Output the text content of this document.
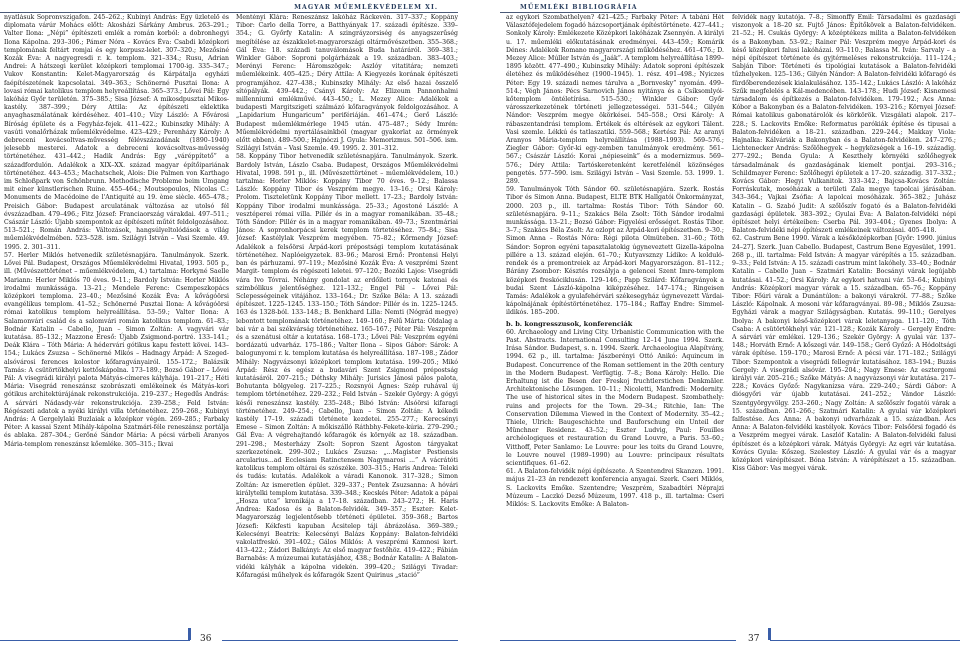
MAGYAR MŰEMLÉKVÉDELEM XI.

nyatlásuk Sopronvszigafon. 245–262.; Kubinyi András: Egy üzletelő és diplomata várúr Mohács előtt: Akosházi Sárkány Ambrus. 263–291.; Valter Ilona: „Népi” építészeti emlék a román korból: a dobronhegyi Ilona Kápolna. 293–306.; Pámer Nóra – Kovács Éva: Csabdi középkori templomának feltárt romjai és egy korpusz-lelet. 307–320.; Mezősiné Kozák Éva: A nagyegresdi r. k. templom. 321–334.; Rusu, Adrian Andrei: A hátszegi kerület középkori templomai 1700-ig. 335–347.; Vukov Konstantin: Kelet-Magyarország és Kárpátalja egyházi faépítészetének kapcsolatai. 349–363.; Schönerné Pusztai Ilona: A lovasi római katolikus templom helyreállítása. 365–373.; Lővei Pál: Egy lakóház Győr területén. 375–385.; Sisa József: A mikosdpusztai Mikos-kastély. 387–399.; Déry Attila: Az építészeti eklektika anyaghasználatának kérdéséhez. 401–410.; Vízy László: A Fővárosi Bíróság épülete és a Fegyház-fejek. 411–422.; Kubinszky Mihály: A vasúti vonalőrházak műemlékvédelme. 423–429.; Perenházy Károly: A debreceni kovácsoltvas-művesség félévszázadának (1890–1940) jelesebb mesterei. Adatok a debreceni kovácsoltvas-művesség történetéhez. 431–442.; Hadik András: Egy „váréppítető” a századfordulón. Adalékok a XIX–XX. század magyar építőipariának történetéhez. 443–453.; Machatschek, Alois: Die Palmen von Karthago im Schloßpark von Schönbrunn. Methodische Probleme beim Umgang mit einer künstlerischen Ruine. 455–464.; Moutsopoulos, Nicolas C.: Monuments de Macédoine de l'Antiquité au 19. ème siècle. 465–478.; Preisich Gábor: Budapest arculatának változása az utolsó fél évszázadban. 479–496.; Fitz József: Franciaország várakdai. 497–511.; Császár László: Újabb szempontok az építészeti műtét feldolgozásához. 513–521.; Román András: Változások, hangsúlyeltolódások a világ műemlékvédelmében. 523–528. ism. Szilágyi István – Vasi Szemle. 49. 1995. 2. 301–311.

57. Herler Miklós hetvenedik születésnapjára. Tanulmányok. Szerk. Lővei Pál. Budapest, Országos Műemlékvédelmi Hivatal, 1993. 505 p., ill. (Művészettörténet – műemlékvédelem, 4.) tartalma: Horkyné Saelle Mariann: Herler Miklós 70 éves. 9–11.; Bardoly István: Horler Miklós irodalmi munkássága. 13–21.; Mendele Ferenc: Csempeszkopács középkori temploma. 23–40.; Mezősiné Kozák Éva: A kővágóörsi evangélikus templom. 41–52.; Schönerné Pusztai Ilona: A kővágóörsi római katolikus templom helyreállítása. 53–59.; Valter Ilona: A Salamonvári család és a salomvári román katolikus templom. 61–83.; Bodnár Katalin – Cabello, Juan – Simon Zoltán: A vagyvári vár kutatása. 85–132.; Mazzone Ereső: Újabb Zsigmond-portré. 133–141.; Deák Klára – Tóth Mária: A hédervári gótikus kapu festett kövei. 143–154.; Lukács Zsuzsa – Schönerné Mikós – Hadnagy Árpád: A Szeged-alsóvárosi ferences kolostor kőfaragványairól. 155–172.; Balázsik Tamás: A csütörtökhelyi kettőskápolna. 173–189.; Bozsó Gábor – Lővei Pál: A visegrádi királyi palota Mátyás-címeres kályhája. 191–217.; Héti Mária: Visegrád reneszánsz szobrászati emlékeinek és Mátyás-kori gótikus architektúrájának rekonstrukciója. 219–237.; Hegedűs András: A sárvári Nádasdy-vár rekonstrukciója. 239–258.; Feld István: Régészeti adatok a nyéki királyi villa történetéhez. 259–268.; Kubinyi András: A Gergelylaki Buzlaiak a középkor végén. 269–285.; Farbaky Péter: A kassai Szent Mihály-kápolna Szatmári-féle reneszánsz portálja és ablaka. 287–304.; Gerőné Sándor Mária: A pécsi várbeli Aranyos Mária-templom reneszánsz kőemléke. 305–315.; Ikvai

Mentényi Klára: Reneszánsz lakóház Ráckevén. 317–337.; Koppány Tibor: Carlo della Torre, a Batthyányak 17. századi építésze. 339–354.; G. Győrfy Katalin: A szingráyzorsiség és anyagszerűség megítélése az északkelet-magyarországi oltármővészetben. 355–368.; Gál Éva: 18. századi tanuválomások Buda határáról. 369–381.; Winkler Gábor: Soproni polgárházak a 19. században. 383–403.; Merényi Ferenc: Háromszögek: Aszlóy vitatitára; nemzeti műemlékeink. 405–425.; Déry Attila: A Kiegyezés korának építészeti programjához. 427–438.; Kubinszky Mihály: Az első hazai összelő sítópályák. 439–442.; Csányi Károly: Az Elizeum Pannonhalmi millenniumi emlékművé. 443–450.; L. Mezey Alice: Adalékok a budapesti Margitszigeti szálmázó kőfaragványok feldolgozásához. A „Lapidarium Hungaricum” perifériáján. 461–474.; Gerő László: Budapest műemlékmérlege 1945 után. 475–487.; Sédy Imrén: Műemlékvédelmi nyertálásainkból (magyar gyakorlat az örmények előtt ebben). 489–500.; Hajnóczi J. Gyula: Memorizmus. 501–506. ism. Szilágyi István – Vasi Szemle. 49. 1995. 2. 301–312.

58. Koppány Tibor hetvenedik születésnapjára. Tanulmányok. Szerk. Bardoly István, Lászlo Csaba. Budapest, Országos Műemlékvédelmi Hivatal, 1998. 591 p., ill. (Művészettörténet – műemlékvédelem, 10.) tartalma: Horler Miklós: Koppány Tibor 70 éves. 9–12.; Balassa László: Koppány Tibor és Veszprém megye. 13–16.; Orsi Károly: Prolom. Tiszteletünk Koppány Tibor mellett. 17–23.; Bardoly István: Koppány Tibor irodalmi munkássága. 25–33.; Agostoné László: A vesztéperei római villa. Pillér és in a magyar romanikában. 35–48.; Tóth Sándor: Pillér és in a magyar romanikában. 49–73.; Szentmáriai János: A sopronhorpácsi kerek templom törtetéséhez. 75–84.; Sisa József: Kastélylak Veszprém megyében. 75–82.; Kőrmendy József: Adalékok a felsőörsi Árpád-kori prépostsági templom kutatásának történetéhez. Naplóeigyzetek. 83–96.; Marosi Ernő: Prontensi Helyi ban és párhuzami. 97–119.; Mezősiné Kozák Éva: A veszprémi Szent Margit- templom és régészeti leletei. 97–120.; Bozóki Lajos: Visegrádi vára Ivo Tóvrai. Néhány gondolat az erdőileti tornyok katonai és szimbólikus jelentőséghez. 121–132.; Engel Pál – Lővei Pál: Sclepességeinek vitájához. 133–164.; Dr. Szőke Béla: A 13. századi építészet. 1225–1245. 133–150.; Tóth Sándor: Pillér és in. 1225–1245. 163 és 1328-ból. 133–148.; B. Benkhard Lilla: Nemti (Nógrád megye) lebontott templomának történetéhez. 149–160.; Felű Márta: Oldalag a bai vár a bai székvárság történetéhez. 165–167.; Péter Pál: Veszprém és a szenátusi oltár a kutatása. 168–173.; Lővei Pál: Veszprém egyéni bordázatú udvarház. 175–186.; Valter Ilona – Sipos Gábor: Sárok: A balogunyomi r. k. templom kutatása és helyreállítása. 187–198.; Zádor Mihály: Nagyvázsonyi középkori templom kutatása. 199–205.; Mikó Árpád: Rész és egész a budavári Szent Zsigmond prépostság kutatásáról. 207–215.; Déthsky Mihály: Jurisics Jánosi pálos palota, Bohutanta bölgyeleg. 217–225.; Rozsnyói Ágnes: Szép ruhával új templom történetéhez. 229–232.; Feld István – Szekér György: A gógyi késői reneszánsz kastély. 235–248.; Bibó István: Alsóörsi kifaragi történetéhez. 249–254.; Cabello, Juan – Simon Zoltán: A kékedi kastély 17–19. századi története kezdetei. 255–277.; Kerecsényi Emese – Simon Zoltán: A mőkiszálló Ráthbhy-Fekete-kúria. 279–290.; Gál Éva: A végrehajtandó kőfaragók és környék az 18. században. 291–298.; Mesterházy Zsolt: Sopron Szent Ágoston tárgyakat szerkezetének. 299–302.; Lukács Zsuzsa: „...Magister Pestiensis arcularius...ad Ecclesiam Ratinctensem Nagymarosi ...” A vácrátóti katolikus templom oltárai és szószéke. 303–315.; Haris Andrea: Teleki és tudás: kutatás. Adalékok a váradi Kanonok. 317–328.; Simon Zoltán: Az ismeretlen épület. 329–337.; Pentek Zsuzsanna: A hóvári királytelki templom kutatása. 339–348.; Kecskés Péter: Adatok a pápai „Hosza utca” kronikája a 17–18. században. 243–272.; H. Haris Andrea: Kadosa és a Balaton-felvidék. 349–357.; Eszter: Kelet-Magyarország legjelentősebb történeti épületei. 359–368.; Bartos Józsefi: Kékfesti kapuban Ácsitelep táji ábrázolása. 369–389.; Kelecsényi Beatrix: Kelecsényi Balázs Koppány: Balaton-felvidéki vakolatfreskó. 391–402.; Gálos Miklós: A veszprémi Kamnosi kert. 413–422.; Zádori Balkányi: Az első magyar festőhöz. 419–422.; Fábián Barnabás: A múzeumai kutatásjához, 438.; Bodnár Katalin: A Balaton-vidéki kályhák a kápolna videkén. 399–420.; Szilágyi Tivadar: Kőfaragási műhelyek és kőfaragók Szent Quirinus „stació”

36
MŰEMLÉKI BIBLIOGRÁFIA

az egykori Szombathelyen? 421–425.; Farbaky Péter: A tabáni Hét Választófejedelem fogadó házcsoportjának építéstörténete. 427–441.; Sonkoly Károly: Emlékezete Középkori lakóházak Zsennyén. A királyi u. 17. műemléki előkutatásának eredményei. 443–459.; Komárik Dénes: Adalékok Romano magyarországi működéséhez. 461–476.; D. Mezey Alice: Múller István és „Jaák”. A templom helyreállítása 1899–1895 között. 477–490.; Kubinszky Mihály: Adatok soproni építészek életéhez és működéséhez (1900–1945). 1. rész. 491–498.; Nyiczes Péter: Egy 19. századi nemes tárulva a „Bornvesky” nyomán. 499–514.; Végh János: Pécs Sarnovich János nyitánya és a Csíksomlyói-kőtemplom öntéletírása. 515–530.; Winkler Gábor: Győr városszerkezetének történeti jellegzetességei. 531–544.; Gilyén Nándor: Veszprém megye ökörkései. 545–558.; Orsi Károly: A rábaszentandrási templom. Értékek és eltérések az egykori Tálent. Vasi szemle. Lékkú és tatlaszatiki. 559–568.; Kertész Pál: Az aranyi Aranyos Mária-templom helyreállítása (1988–1993). 569–576.; Ziegler Gábor: Győr-ki egy-zemben tanulmányok eredmény. 561–567.; Császár László: Korai „népieseink” és a modernizmus. 569–576.; Déry Attila: Tartóskeretenként keretfelénél közönséges pengetés. 577–590. ism. Szilágyi István – Vasi Szemle. 53. 1999. 1. 289.

59. Tanulmányok Tóth Sándor 60. születésnapjára. Szerk. Rostás Tibor és Simon Anna. Budapest, ELTE BTK Hallgatói Önkormányzat, 2000. 203 p., ill. tartalma: Rostás Tibor: Tóth Sándor 60. születésnapjára. 9–11.; Szakács Béla Zsolt: Tóth Sándor irodalmi munkássága. 13–21.; Bozsó Gábor: Figyelési erősséget. Rostás Tibor. 3–7.; Szakács Béla Zsolt: Az ozlopt az Árpád-kori építészetben. 9–30.; Simon Anna – Rostás Nóra: Régi pilota Olmüteben. 31–60.; Tóth Sándor: Sopron egyéni tapasztalatokig úgyneveztett Gizella-kápolna pillére a 13. század elején. 61–70.; Kutyavsznzy Lídiko: A kolduló-rendek és a premontreiek az Árpád-kori Magyarországon. 81–112.; Bárány Zsombor: Késztés rozsályja a gelencei Szent Imre-templom középkori freskóciklusán. 129–146.; Papp Szilárd: Kőfaragványok a budai Szent László-kápolna kiképzéséhez. 147–174.; Ringeisen Tamás: Adalékok a gyulafehérvári székesegyház úgynevezett Várdai-kápolnájának építéstörténetéhez. 175–184.; Raffay Endre: Simmel-ildikós. 185–200.

b. b. kongresszusok, konferenciák

60. Archaeology and Living City. Urbanistic Communication with the Past. Abstracts. International Consulting 12–14 June 1994. Szerk. Irása Sándor. Budapest, s. n. 1994. Szerk. Archaeologiua Alapítvány, 1994. 62 p., ill. tartalma: Jászberényi Ottó Anikó: Aquincum in Budapest. Concurrence of the Roman settlement in the 20th century in the Modern Budapest. Verfügtig. 7–8.; Bona Károly: Hello. Die Erhaltung ist die Besen der Freskoj fruchtlerstichen Denkmäler. Architektonische Lösungen. 10–11.; Nicoletti, Manfredi: Modernity. The use of historical sites in the Modern Budapest. Szombathely: ruins and projects for the Town. 29–34.; Ritchie, Ian: The Conservation Dilemma Viewed in the Context of Modernity. 35–42.; Thiele, Ulrich: Baugeschichte und Bauforschung ein Unteil der Münchner Residenz. 43–52.; Eszter Ludvig, Paul: Fouilles archéologiques et restauration du Grand Louvre, a Paris. 53–60.; Vitthoff, Peter Sanlamo: Le Louvre: pour les toits du Grand Louvre, le Louvre nouvel (1989–1990) au Louvre: principaux résultats scientifiques. 61–62.

61. A Balaton-felvidék népi építészete. A Szentendrei Skanzen. 1991. május 21–23 án rendezett konferencia anyagai. Szerk. Cseri Miklós, S. Lackovits Emőke. Szentendre; Veszprém, Szabadtéri Néprajzi Múzeum – Laczkó Dezső Múzeum, 1997. 418 p., ill. tartalma: Cseri Miklós: S. Lackovits Emőke: A Balaton-

felvidék nagy kutatója. 7–8.; Simonffy Emil: Társadalmi és gazdasági viszonyok a 18–20 sz. Fujtő János: Építőkövek a Balaton-felvidéken. 21–52.; H. Csukás György: A középtékezs milita a Balaton-felvidéken és a Bakonyban. 53–92.; Rainer Pál: Veszprém megye Árpád-kori és késő középkori falusi lakóházai. 93–110.; Balassa M. Iván: Sarvaly – a népi építészet története és gyjtérmeléses rekonstrukciója. 111–124.; Sabján Tibor: Történeti és tipológiai kutatások a Balaton-felvidéki tűzhelyeken. 125–136.; Gilyén Nándor: A Balaton-felvidéki kőfaragó és fürdőberendezések kialakulásához. 135–142.; Lukács László: A lakóház Szűk megfelelés a Kál-medencében. 143–178.; Hudi József: Kisnemesi társadalom és építkezés a Balaton-felvidéken. 179–192.; Acs Anna: Kóbor a Bakonyban és a Balaton-felvidéken. 193–216.; Környei József: Római katolikus gabonatárolók és körkörök. Vizsgálati alapok. 217–228.; S. Lackovits Emőke: Reformatus parókiák építése és tipusai a Balaton-felvidéken a 18–21. században. 229–244.; Makkay Viola: Hajnalka: Kálváriák a Bakonyban és a Balaton-felvidéken. 247–276.; Lichtenecker András: Szőlőhegyek – hegyközségek a 16–19. századig. 277–292.; Benda Gyula: A Keszthely környéki szőlőhegyek társadalmának és gazdaságának kiemelt pontjai. 293–316.; Schildmayer Ferenc: Szőlőhegyi épületek a 17–20. századig. 317–332.; Kovács Gábor: Hegyi Vulkanitok. 333–342.; Bajcsa-Kovács Zoltán: Forráskutak, mosóházak a területi Zala megye tapolcai járásában. 343–364.; Vajkai Zsófia: A lapolcai mosóházak. 365–382.; Juhász Katalin – G. Szabó Judit: A szőlőszív fogató és a Balaton-felvidéki gazdasági épületek. 383–392.; Gyulai Éva: A Balaton-felvidéki népi építészet helyi értékeiben: Cserba Pál. 393–404.; Gyenes Ibolya: A Balaton-felvidéki népi építészeti emlékeinek változásai. 405–418.

62. Castrum Bene 1990. Várak a későközépkorban [Győr: 1990. június 24–27]. Szerk. Juan Cabello. Budapest, Castrum Bene Egyesület, 1991. 268 p., ill. tartalma: Feld István: A magyar várépítés a 15. században. 9–33.; Feld István: A 15. századi castrum mint lakóhely. 33–40.; Bodnár Katalin – Cabello Juan – Szatmári Katalin: Bocsányi várak legújabb kutatásai. 41–52.; Orsi Károly: Az egykori hatvani vár. 53–64.; Kubinyi András: Középkori magyar várak a 15. században. 65–76.; Koppány Tibor: Főúri várak a Dunántúlon: a bakonyi várakról. 77–88.; Szőke László: Kápolnak. A mosoni vár kőfaragványai. 89–98.; Miklós Zsuzsa: Egyházi várak a magyar Szilágyságban. Kutatás. 99–110.; Gerelyes Ibolya: A bakonyi késő-középkori várak leletanyaga. 111–120.; Tóth Csaba: A csütörtökhelyi vár. 121–128.; Kozák Károly – Gergely Endre: A sárvári vár emlékei. 129–136.; Szekér György: A gyulai vár. 137–148.; Horváth Ernő: A kőszegi vár. 149–158.; Gerő Győző: A Hódoltsági várak építése. 159–170.; Marosi Ernő: A pécsi vár. 171–182.; Szilágyi Tibor: Szempontok a visegrádi fellegvár kutatásához. 183–194.; Buzás Gergely: A visegrádi alsóvár. 195–204.; Nagy Emese: Az esztergomi királyi vár. 205–216.; Szőke Mátyás: A nagyvázsonyi vár kutatása. 217–228.; Kovács Győző: Nagykanizsa vára. 229–240.; Sárdi Gábor: A diósgyőri vár újabb kutatásai. 241–252.; Vándor László: Szentgyörgyvölgy. 253–260.; Nagy Zoltán: A szőlőszív fogatói várak a 15. században. 261–266.; Szatmári Katalin: A gyulai vár középkori falfestése. Ács Anna: A bakonyi udvarházak a 15. században. Ács Anna: A Balaton-felvidéki kastélyok. Kovács Tibor: Felsőörsi fogadó és a Veszprém megyei várak. Laszlóf Katalin: A Balaton-felvidéki falusi építészet és a középkori várak. Mátyás Györgyi: Az egri vár kutatása. Kovács Gyula: Kőszeg. Szelestey László: A gyulai vár és a magyar középkori várépítészet. Bóna István: A várépítészet a 15. században. Kiss Gábor: Vas megyei várak.

37
